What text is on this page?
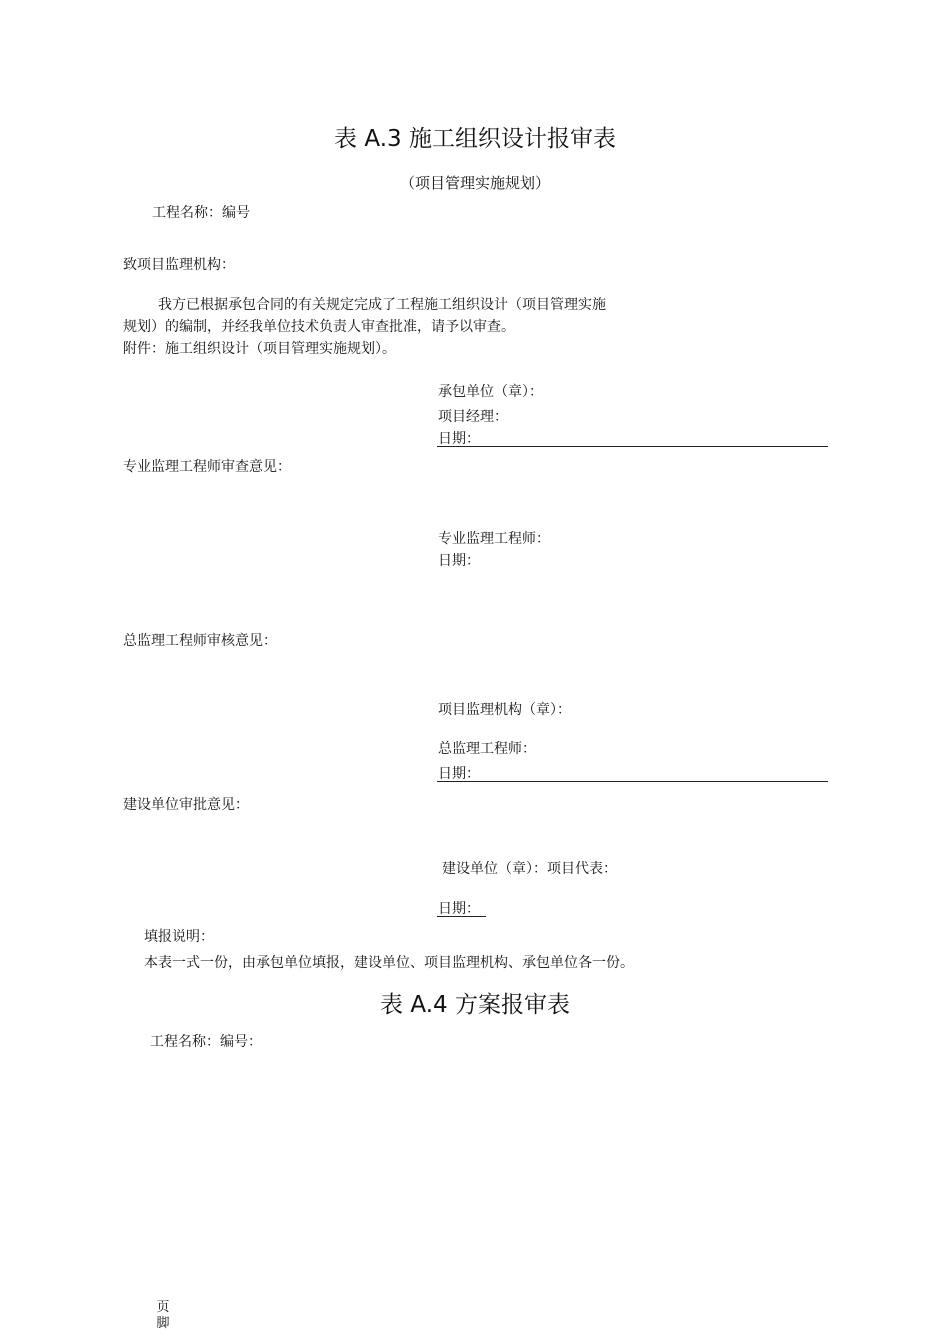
表 A.3 施工组织设计报审表
（项目管理实施规划）
工程名称：编号
致项目监理机构：
我方已根据承包合同的有关规定完成了工程施工组织设计（项目管理实施
规划）的编制，并经我单位技术负责人审查批准，请予以审查。
附件：施工组织设计（项目管理实施规划）。
承包单位（章）：
项目经理：
日期：
专业监理工程师审查意见：
专业监理工程师：
日期：
总监理工程师审核意见：
项目监理机构（章）：
总监理工程师：
日期：
建设单位审批意见：
建设单位（章）：项目代表：
日期：
填报说明：
本表一式一份，由承包单位填报，建设单位、项目监理机构、承包单位各一份。
表 A.4 方案报审表
工程名称：编号：
页脚
